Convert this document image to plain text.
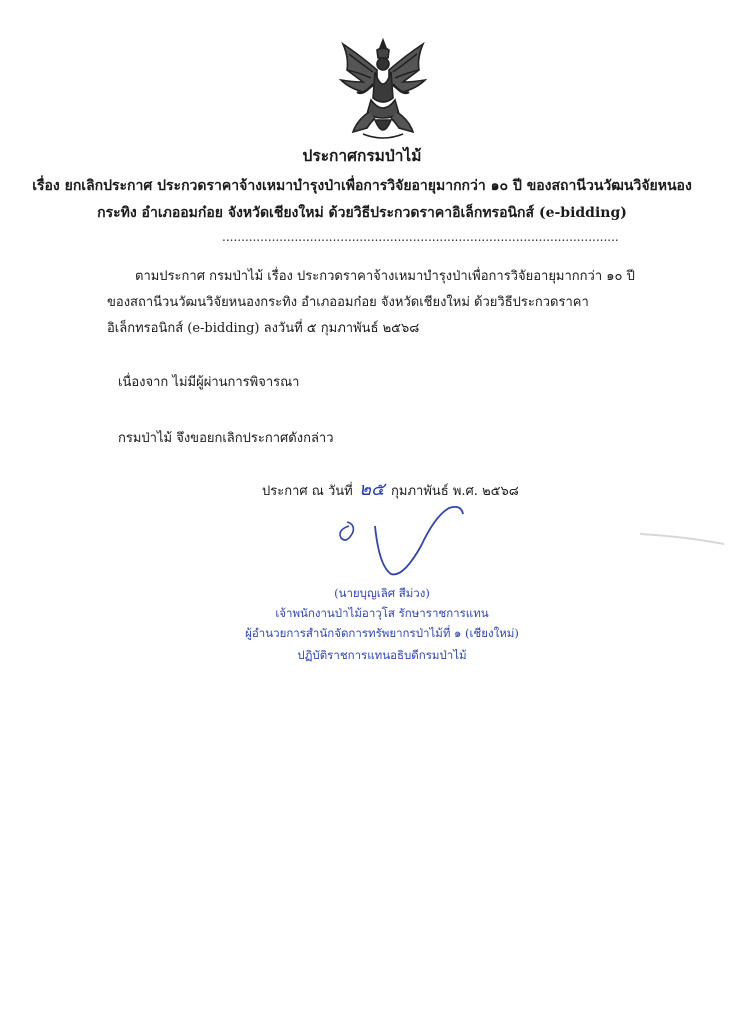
ประกาศกรมป่าไม้
เรื่อง ยกเลิกประกาศ ประกวดราคาจ้างเหมาบำรุงป่าเพื่อการวิจัยอายุมากกว่า ๑๐ ปี ของสถานีวนวัฒนวิจัยหนอง
กระทิง อำเภออมก๋อย จังหวัดเชียงใหม่ ด้วยวิธีประกวดราคาอิเล็กทรอนิกส์ (e-bidding)
........................................................................................................
ตามประกาศ กรมป่าไม้ เรื่อง ประกวดราคาจ้างเหมาบำรุงป่าเพื่อการวิจัยอายุมากกว่า ๑๐ ปี ของสถานีวนวัฒนวิจัยหนองกระทิง อำเภออมก๋อย จังหวัดเชียงใหม่ ด้วยวิธีประกวดราคาอิเล็กทรอนิกส์ (e-bidding) ลงวันที่ ๕ กุมภาพันธ์ ๒๕๖๘
เนื่องจาก ไม่มีผู้ผ่านการพิจารณา
กรมป่าไม้ จึงขอยกเลิกประกาศดังกล่าว
ประกาศ ณ วันที่ ๒๕ กุมภาพันธ์ พ.ศ. ๒๕๖๘
(นายบุญเลิศ สีม่วง)
เจ้าพนักงานป่าไม้อาวุโส รักษาราชการแทน
ผู้อำนวยการสำนักจัดการทรัพยากรป่าไม้ที่ ๑ (เชียงใหม่)
ปฏิบัติราชการแทนอธิบดีกรมป่าไม้
